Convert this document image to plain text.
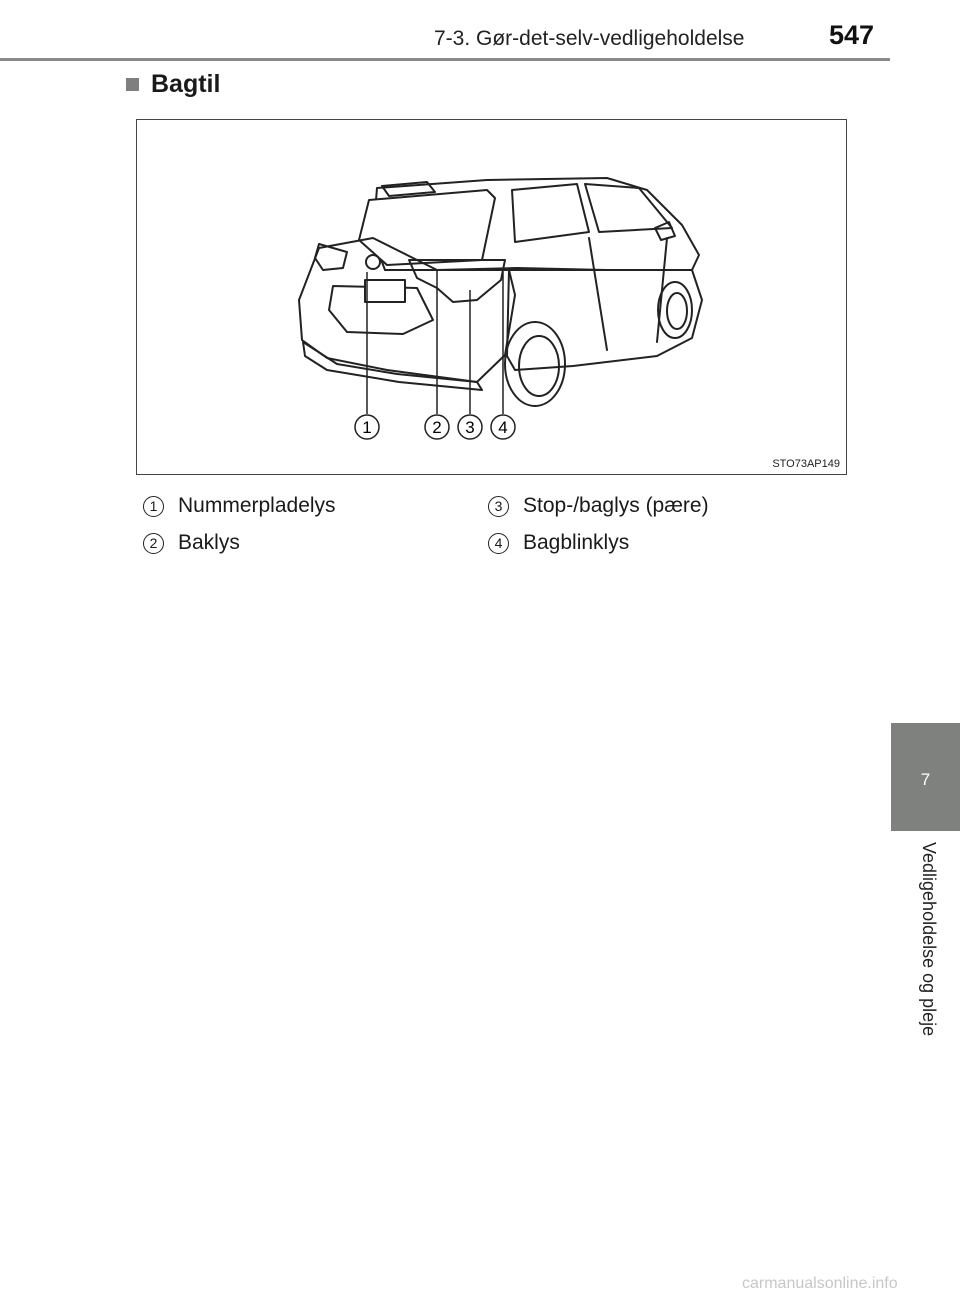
7-3. Gør-det-selv-vedligeholdelse	547
Bagtil
1	2 3 4
STO73AP149
1 Nummerpladelys
2 Baklys
3 Stop-/baglys (pære)
4 Bagblinklys
7
Vedligeholdelse og pleje
carmanualsonline.info
